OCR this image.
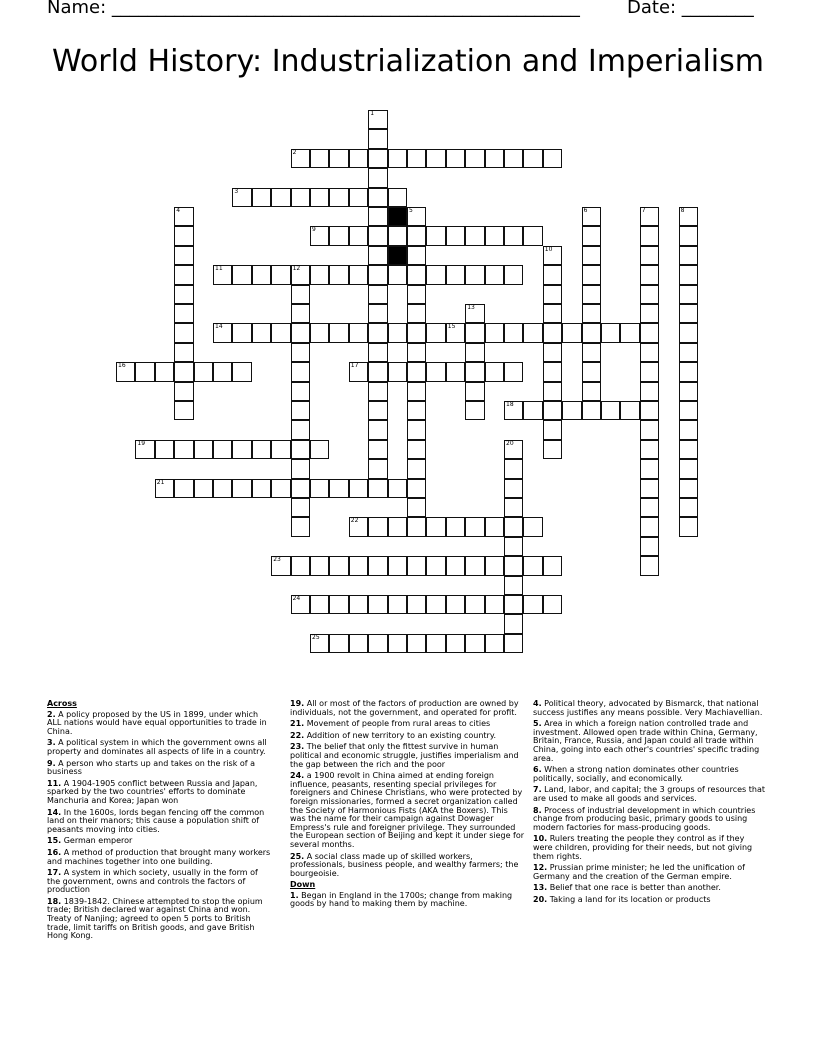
Name: ____________________________________________________	Date: ________
World History: Industrialization and Imperialism
1
2
3
4	5	6	7	8
9
10
11	12
13
14	15
16	17
18
19	20
21
22
23
24
25
Across
2. A policy proposed by the US in 1899, under which ALL nations would have equal opportunities to trade in China.
3. A political system in which the government owns all property and dominates all aspects of life in a country.
9. A person who starts up and takes on the risk of a business
11. A 1904-1905 conflict between Russia and Japan, sparked by the two countries' efforts to dominate Manchuria and Korea; Japan won
14. In the 1600s, lords began fencing off the common land on their manors; this cause a population shift of peasants moving into cities.
15. German emperor
16. A method of production that brought many workers and machines together into one building.
17. A system in which society, usually in the form of the government, owns and controls the factors of production
18. 1839-1842. Chinese attempted to stop the opium trade; British declared war against China and won. Treaty of Nanjing; agreed to open 5 ports to British trade, limit tariffs on British goods, and gave British Hong Kong.
19. All or most of the factors of production are owned by individuals, not the government, and operated for profit.
21. Movement of people from rural areas to cities
22. Addition of new territory to an existing country.
23. The belief that only the fittest survive in human political and economic struggle, justifies imperialism and the gap between the rich and the poor
24. a 1900 revolt in China aimed at ending foreign influence, peasants, resenting special privileges for foreigners and Chinese Christians, who were protected by foreign missionaries, formed a secret organization called the Society of Harmonious Fists (AKA the Boxers). This was the name for their campaign against Dowager Empress's rule and foreigner privilege. They surrounded the European section of Beijing and kept it under siege for several months.
25. A social class made up of skilled workers, professionals, business people, and wealthy farmers; the bourgeoisie.
Down
1. Began in England in the 1700s; change from making goods by hand to making them by machine.
4. Political theory, advocated by Bismarck, that national success justifies any means possible. Very Machiavellian.
5. Area in which a foreign nation controlled trade and investment. Allowed open trade within China, Germany, Britain, France, Russia, and Japan could all trade within China, going into each other's countries' specific trading area.
6. When a strong nation dominates other countries politically, socially, and economically.
7. Land, labor, and capital; the 3 groups of resources that are used to make all goods and services.
8. Process of industrial development in which countries change from producing basic, primary goods to using modern factories for mass-producing goods.
10. Rulers treating the people they control as if they were children, providing for their needs, but not giving them rights.
12. Prussian prime minister; he led the unification of Germany and the creation of the German empire.
13. Belief that one race is better than another.
20. Taking a land for its location or products
